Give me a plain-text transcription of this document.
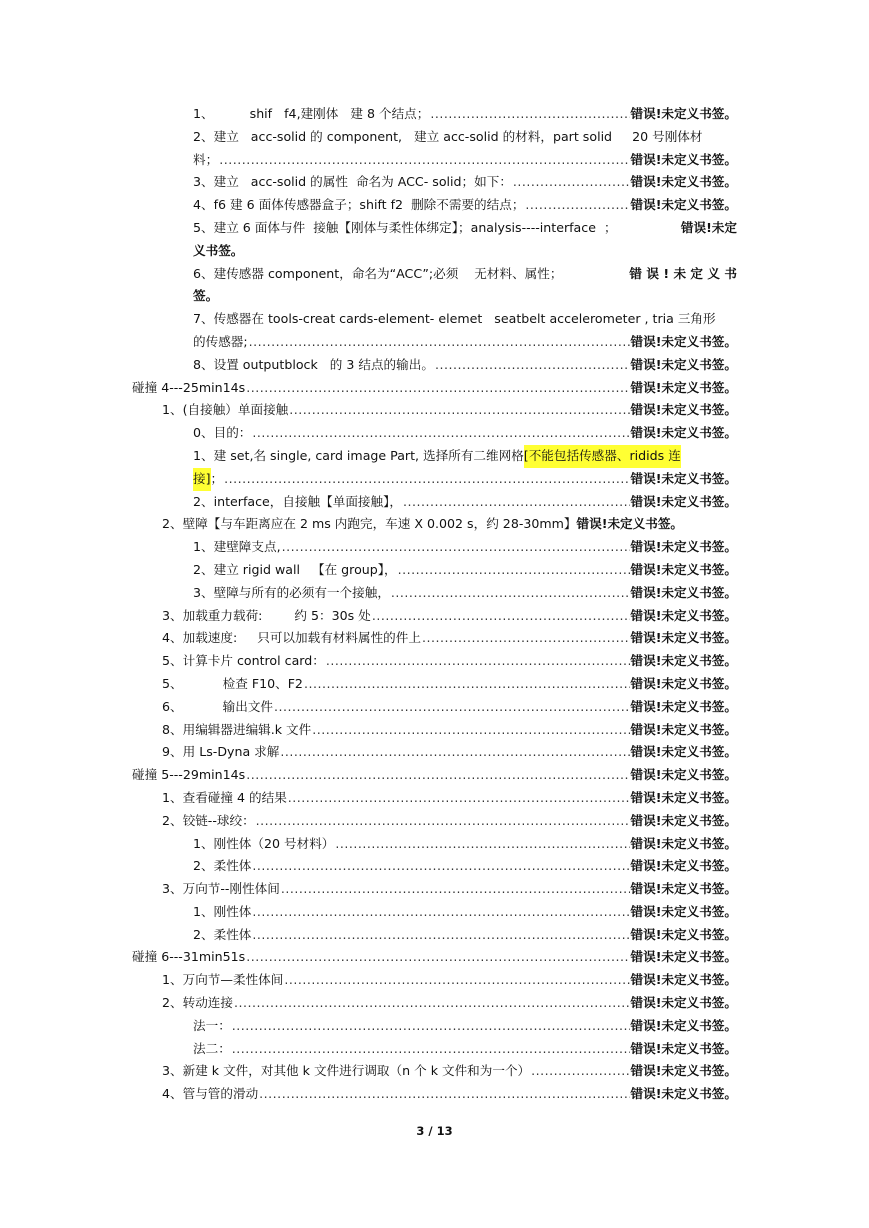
1、         shif   f4,建刚体   建 8 个结点； .....	错误!未定义书签。
2、建立   acc-solid 的 component,   建立 acc-solid 的材料，part solid     20 号刚体材
料； .....	错误!未定义书签。
3、建立   acc-solid 的属性  命名为 ACC- solid；如下： .....	错误!未定义书签。
4、f6 建 6 面体传感器盒子；shift f2  删除不需要的结点； .....	错误!未定义书签。
5、建立 6 面体与件  接触【刚体与柔性体绑定】；analysis----interface  ；	错误!未定
义书签。
6、建传感器 component，命名为“ACC”;必须    无材料、属性；	错 误 ! 未 定 义 书
签。
7、传感器在 tools-creat cards-element- elemet   seatbelt accelerometer , tria 三角形
的传感器; .....	错误!未定义书签。
8、设置 outputblock   的 3 结点的输出。 .....	错误!未定义书签。
碰撞 4---25min14s .....	错误!未定义书签。
1、(自接触）单面接触 .....	错误!未定义书签。
0、目的： .....	错误!未定义书签。
1、建 set,名 single, card image Part, 选择所有二维网格 [不能包括传感器、ridids 连
接] ； .....	错误!未定义书签。
2、interface，自接触【单面接触】， .....	错误!未定义书签。
2、壁障【与车距离应在 2 ms 内跑完，车速 X 0.002 s，约 28-30mm】 错误!未定义书签。
1、建壁障支点, .....	错误!未定义书签。
2、建立 rigid wall   【在 group】， .....	错误!未定义书签。
3、壁障与所有的必须有一个接触， .....	错误!未定义书签。
3、加载重力载荷:        约 5：30s 处 .....	错误!未定义书签。
4、加载速度:     只可以加载有材料属性的件上 .....	错误!未定义书签。
5、计算卡片 control card： .....	错误!未定义书签。
5、          检查 F10、F2 .....	错误!未定义书签。
6、          输出文件 .....	错误!未定义书签。
8、用编辑器进编辑.k 文件 .....	错误!未定义书签。
9、用 Ls-Dyna 求解 .....	错误!未定义书签。
碰撞 5---29min14s .....	错误!未定义书签。
1、查看碰撞 4 的结果 .....	错误!未定义书签。
2、铰链--球绞： .....	错误!未定义书签。
1、刚性体（20 号材料） .....	错误!未定义书签。
2、柔性体 .....	错误!未定义书签。
3、万向节--刚性体间 .....	错误!未定义书签。
1、刚性体 .....	错误!未定义书签。
2、柔性体 .....	错误!未定义书签。
碰撞 6---31min51s .....	错误!未定义书签。
1、万向节—柔性体间 .....	错误!未定义书签。
2、转动连接 .....	错误!未定义书签。
法一： .....	错误!未定义书签。
法二： .....	错误!未定义书签。
3、新建 k 文件，对其他 k 文件进行调取（n 个 k 文件和为一个） .....	错误!未定义书签。
4、管与管的滑动 .....	错误!未定义书签。
3 / 13
